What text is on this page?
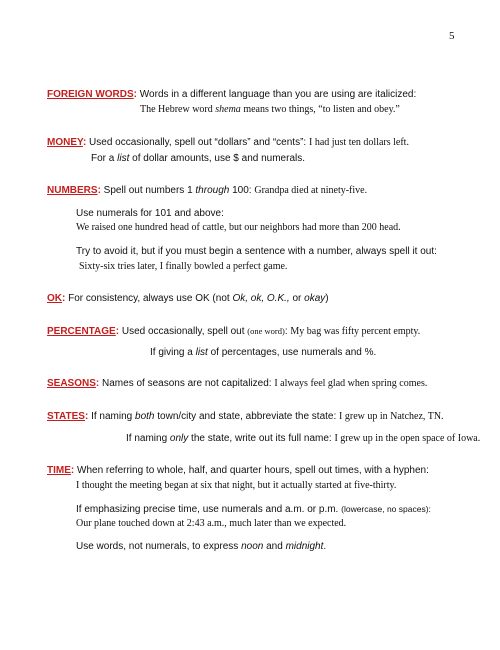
5
FOREIGN WORDS: Words in a different language than you are using are italicized:
The Hebrew word shema means two things, “to listen and obey.”
MONEY: Used occasionally, spell out “dollars” and “cents”: I had just ten dollars left.
For a list of dollar amounts, use $ and numerals.
NUMBERS: Spell out numbers 1 through 100: Grandpa died at ninety-five.
Use numerals for 101 and above:
We raised one hundred head of cattle, but our neighbors had more than 200 head.
Try to avoid it, but if you must begin a sentence with a number, always spell it out:
Sixty-six tries later, I finally bowled a perfect game.
OK: For consistency, always use OK (not Ok, ok, O.K., or okay)
PERCENTAGE: Used occasionally, spell out (one word): My bag was fifty percent empty.
If giving a list of percentages, use numerals and %.
SEASONS: Names of seasons are not capitalized: I always feel glad when spring comes.
STATES: If naming both town/city and state, abbreviate the state: I grew up in Natchez, TN.
If naming only the state, write out its full name: I grew up in the open space of Iowa.
TIME: When referring to whole, half, and quarter hours, spell out times, with a hyphen:
I thought the meeting began at six that night, but it actually started at five-thirty.
If emphasizing precise time, use numerals and a.m. or p.m. (lowercase, no spaces):
Our plane touched down at 2:43 a.m., much later than we expected.
Use words, not numerals, to express noon and midnight.
